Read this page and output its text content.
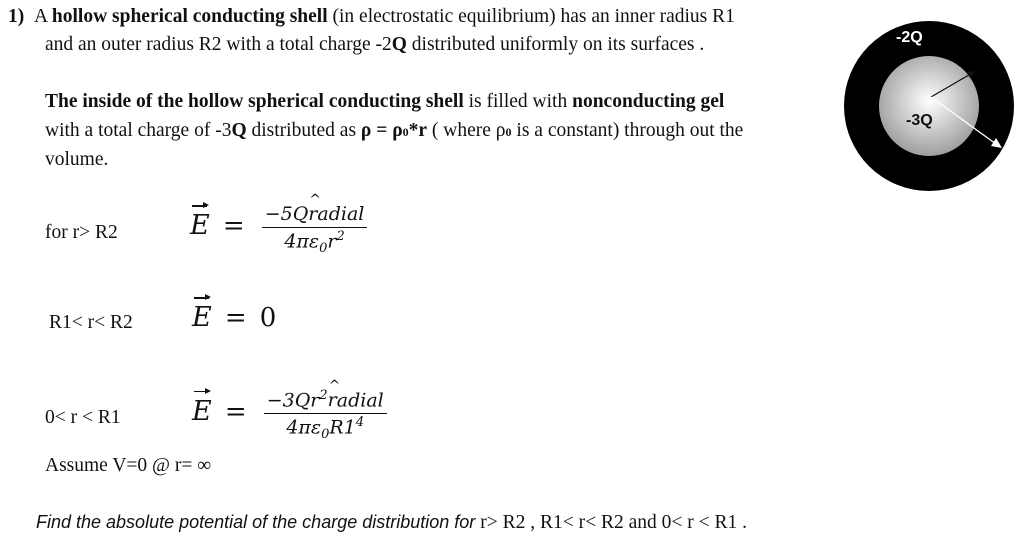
1) A hollow spherical conducting shell (in electrostatic equilibrium) has an inner radius R1
and an outer radius R2 with a total charge -2Q distributed uniformly on its surfaces .
The inside of the hollow spherical conducting shell is filled with nonconducting gel
with a total charge of -3Q distributed as ρ = ρ0*r ( where ρ0 is a constant) through out the
volume.
for r> R2	$E = \frac{\text{−5Q\textasciicircum{} radial}}{4\pi\varepsilon_0r^2}$
R1< r< R2 E = 0
0< r < R1	$E = \frac{-3Qr^2\^{} radial}{4\pi\varepsilon_0R1^4}$
Assume V=0 @ r= ∞
Find the absolute potential of the charge distribution for r> R2 , R1< r< R2 and 0< r < R1 .
-2Q
-3Q
